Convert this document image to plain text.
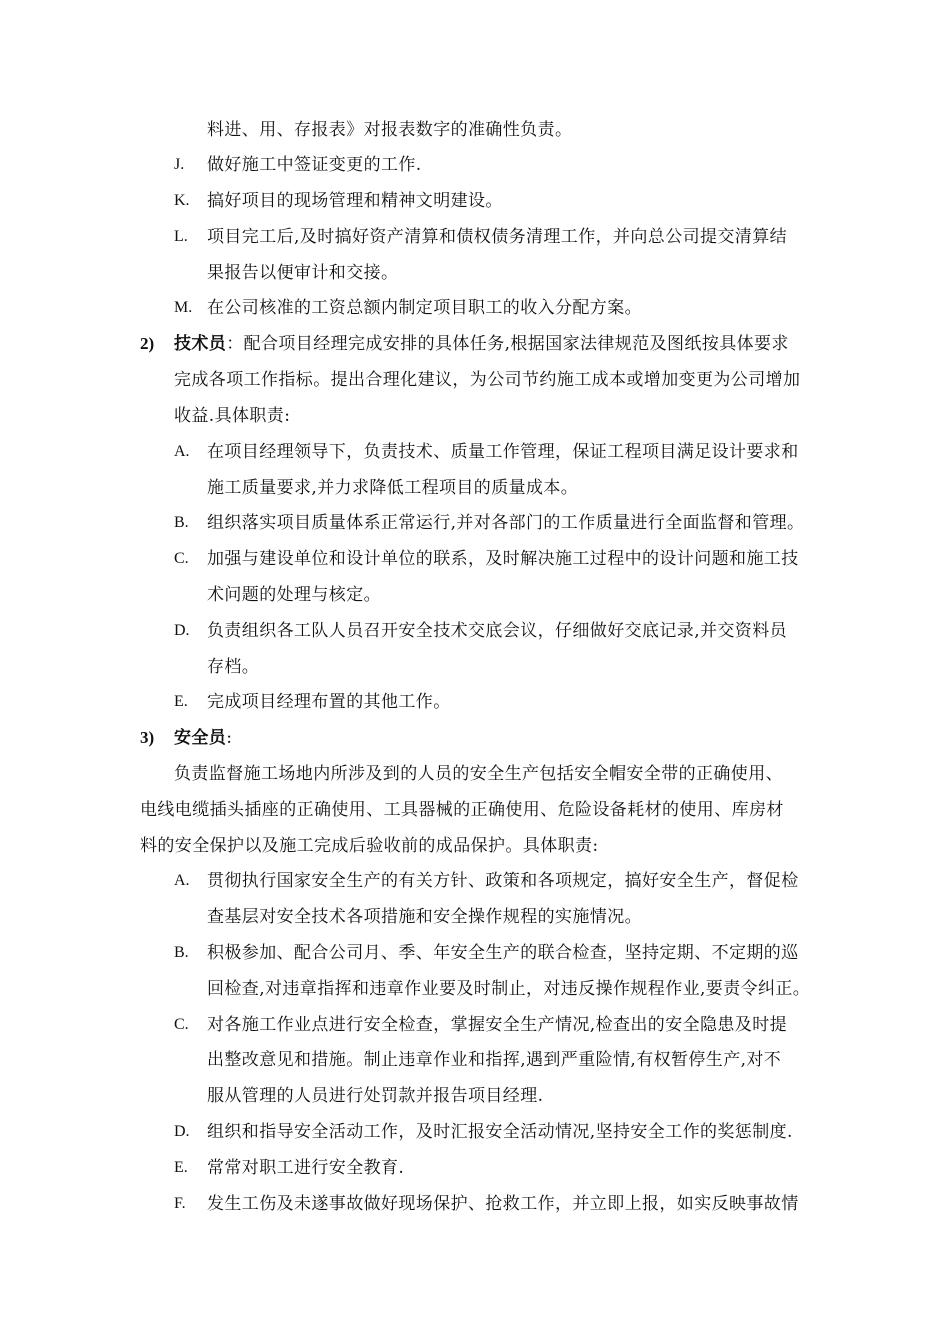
料进、用、存报表》对报表数字的准确性负责。
J. 做好施工中签证变更的工作.
K. 搞好项目的现场管理和精神文明建设。
L. 项目完工后,及时搞好资产清算和债权债务清理工作，并向总公司提交清算结
果报告以便审计和交接。
M. 在公司核准的工资总额内制定项目职工的收入分配方案。
2) 技术员：配合项目经理完成安排的具体任务,根据国家法律规范及图纸按具体要求
完成各项工作指标。提出合理化建议，为公司节约施工成本或增加变更为公司增加
收益.具体职责:
A. 在项目经理领导下，负责技术、质量工作管理，保证工程项目满足设计要求和
施工质量要求,并力求降低工程项目的质量成本。
B. 组织落实项目质量体系正常运行,并对各部门的工作质量进行全面监督和管理。
C. 加强与建设单位和设计单位的联系，及时解决施工过程中的设计问题和施工技
术问题的处理与核定。
D. 负责组织各工队人员召开安全技术交底会议，仔细做好交底记录,并交资料员
存档。
E. 完成项目经理布置的其他工作。
3) 安全员:
负责监督施工场地内所涉及到的人员的安全生产包括安全帽安全带的正确使用、
电线电缆插头插座的正确使用、工具器械的正确使用、危险设备耗材的使用、库房材
料的安全保护以及施工完成后验收前的成品保护。具体职责:
A. 贯彻执行国家安全生产的有关方针、政策和各项规定，搞好安全生产，督促检
查基层对安全技术各项措施和安全操作规程的实施情况。
B. 积极参加、配合公司月、季、年安全生产的联合检查，坚持定期、不定期的巡
回检查,对违章指挥和违章作业要及时制止，对违反操作规程作业,要责令纠正。
C. 对各施工作业点进行安全检查，掌握安全生产情况,检查出的安全隐患及时提
出整改意见和措施。制止违章作业和指挥,遇到严重险情,有权暂停生产,对不
服从管理的人员进行处罚款并报告项目经理.
D. 组织和指导安全活动工作，及时汇报安全活动情况,坚持安全工作的奖惩制度.
E. 常常对职工进行安全教育.
F. 发生工伤及未遂事故做好现场保护、抢救工作，并立即上报，如实反映事故情
